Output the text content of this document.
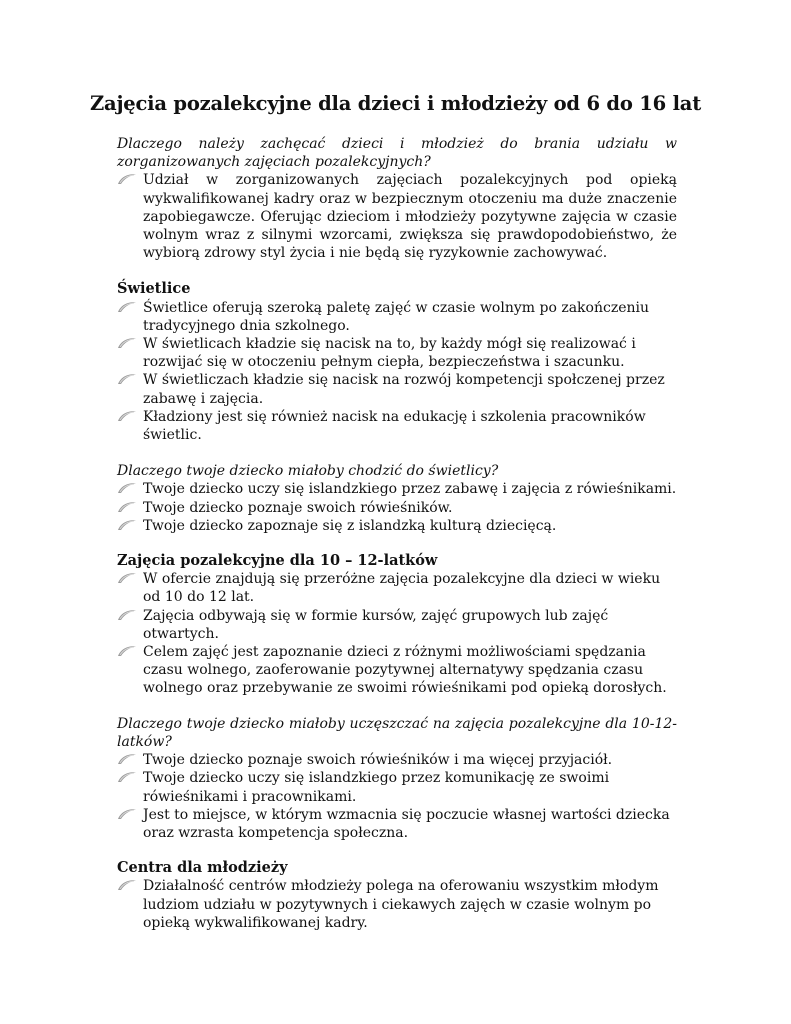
Zajęcia pozalekcyjne dla dzieci i młodzieży od 6 do 16 lat

Dlaczego należy zachęcać dzieci i młodzież do brania udziału w zorganizowanych zajęciach pozalekcyjnych?

Udział w zorganizowanych zajęciach pozalekcyjnych pod opieką wykwalifikowanej kadry oraz w bezpiecznym otoczeniu ma duże znaczenie zapobiegawcze. Oferując dzieciom i młodzieży pozytywne zajęcia w czasie wolnym wraz z silnymi wzorcami, zwiększa się prawdopodobieństwo, że wybiorą zdrowy styl życia i nie będą się ryzykownie zachowywać.

Świetlice

Świetlice oferują szeroką paletę zajęć w czasie wolnym po zakończeniu tradycyjnego dnia szkolnego.
W świetlicach kładzie się nacisk na to, by każdy mógł się realizować i rozwijać się w otoczeniu pełnym ciepła, bezpieczeństwa i szacunku.
W świetliczach kładzie się nacisk na rozwój kompetencji społczenej przez zabawę i zajęcia.
Kładziony jest się również nacisk na edukację i szkolenia pracowników świetlic.

Dlaczego twoje dziecko miałoby chodzić do świetlicy?

Twoje dziecko uczy się islandzkiego przez zabawę i zajęcia z rówieśnikami.
Twoje dziecko poznaje swoich rówieśników.
Twoje dziecko zapoznaje się z islandzką kulturą dziecięcą.

Zajęcia pozalekcyjne dla 10 – 12-latków

W ofercie znajdują się przeróżne zajęcia pozalekcyjne dla dzieci w wieku od 10 do 12 lat.
Zajęcia odbywają się w formie kursów, zajęć grupowych lub zajęć otwartych.
Celem zajęć jest zapoznanie dzieci z różnymi możliwościami spędzania czasu wolnego, zaoferowanie pozytywnej alternatywy spędzania czasu wolnego oraz przebywanie ze swoimi rówieśnikami pod opieką dorosłych.

Dlaczego twoje dziecko miałoby uczęszczać na zajęcia pozalekcyjne dla 10-12-latków?

Twoje dziecko poznaje swoich rówieśników i ma więcej przyjaciół.
Twoje dziecko uczy się islandzkiego przez komunikację ze swoimi rówieśnikami i pracownikami.
Jest to miejsce, w którym wzmacnia się poczucie własnej wartości dziecka oraz wzrasta kompetencja społeczna.

Centra dla młodzieży

Działalność centrów młodzieży polega na oferowaniu wszystkim młodym ludziom udziału w pozytywnych i ciekawych zajęch w czasie wolnym po opieką wykwalifikowanej kadry.
